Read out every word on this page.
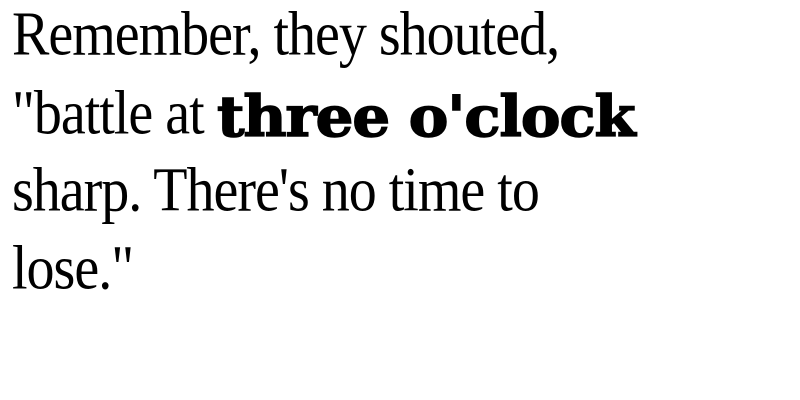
Remember, they shouted,
"battle at three o'clock
sharp. There's no time to
lose."
